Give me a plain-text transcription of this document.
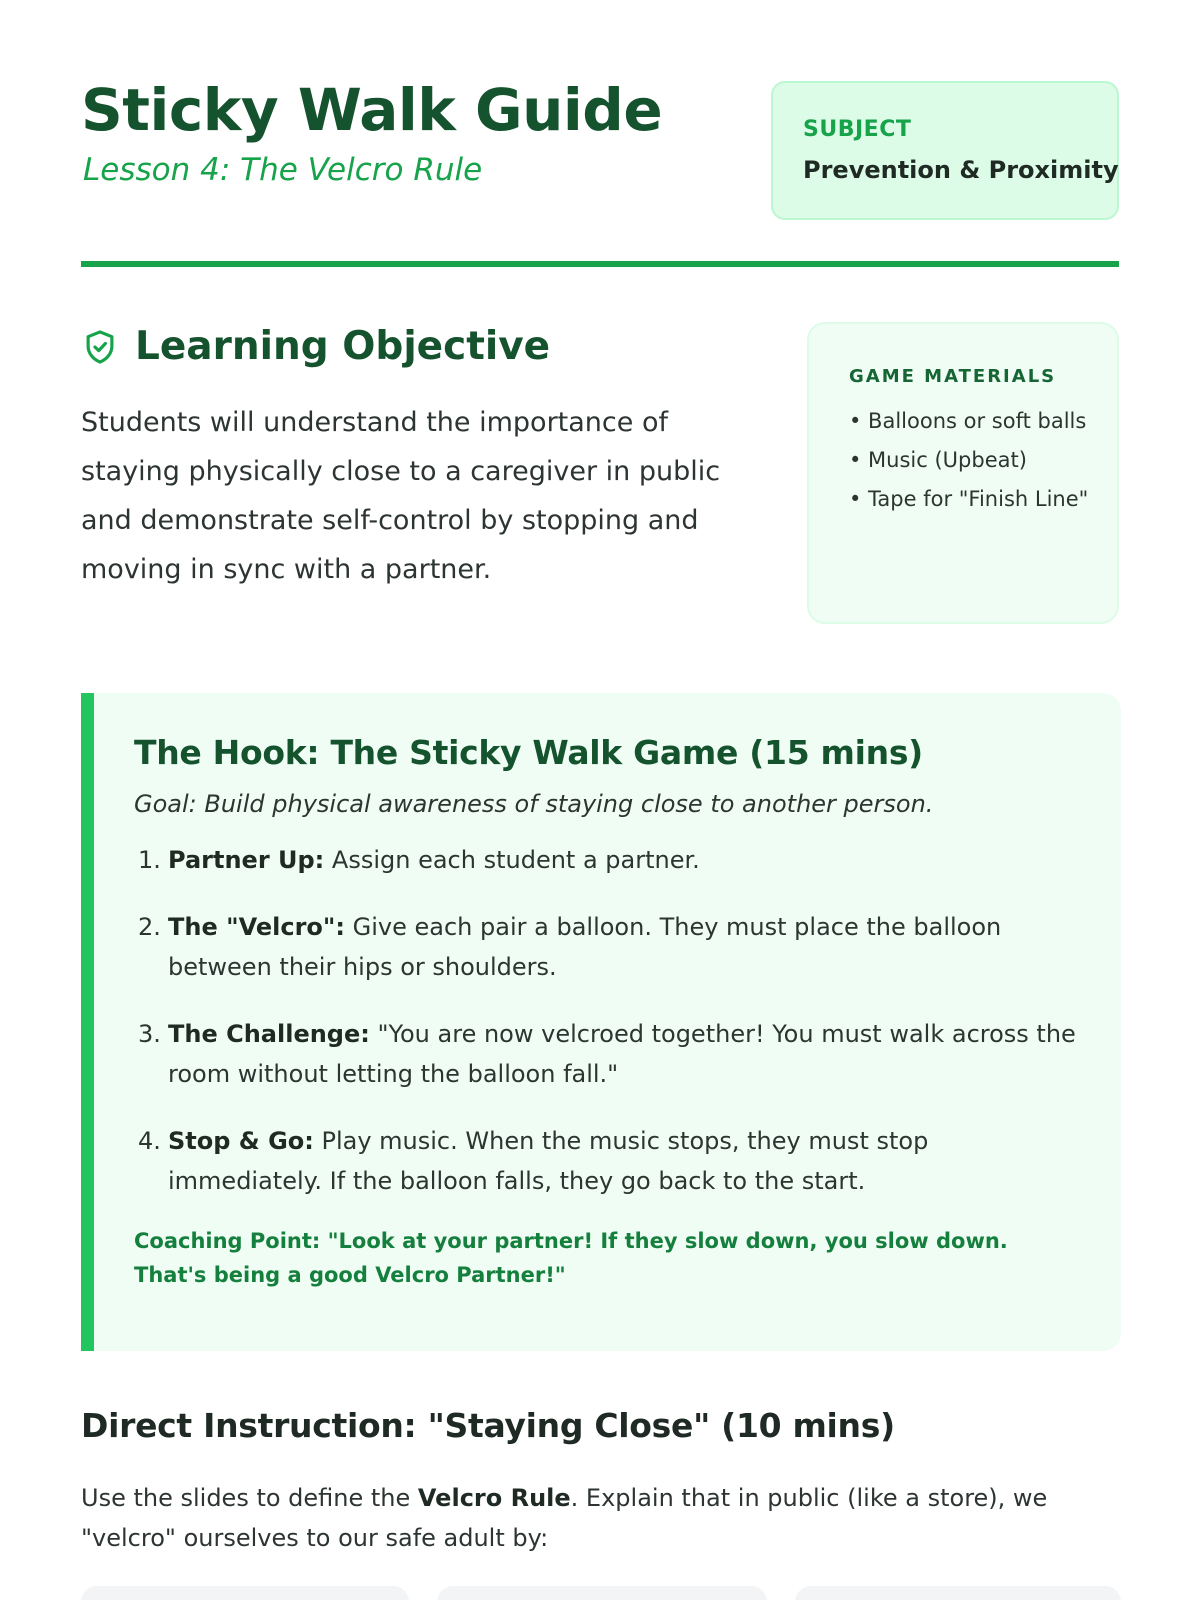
Sticky Walk Guide
Lesson 4: The Velcro Rule
SUBJECT
Prevention & Proximity
Learning Objective

Students will understand the importance of staying physically close to a caregiver in public and demonstrate self-control by stopping and moving in sync with a partner.

GAME MATERIALS
• Balloons or soft balls
• Music (Upbeat)
• Tape for "Finish Line"
The Hook: The Sticky Walk Game (15 mins)

Goal: Build physical awareness of staying close to another person.

1. Partner Up: Assign each student a partner.
2. The "Velcro": Give each pair a balloon. They must place the balloon between their hips or shoulders.
3. The Challenge: "You are now velcroed together! You must walk across the room without letting the balloon fall."
4. Stop & Go: Play music. When the music stops, they must stop immediately. If the balloon falls, they go back to the start.

Coaching Point: "Look at your partner! If they slow down, you slow down. That's being a good Velcro Partner!"

Direct Instruction: "Staying Close" (10 mins)

Use the slides to define the Velcro Rule. Explain that in public (like a store), we "velcro" ourselves to our safe adult by:
